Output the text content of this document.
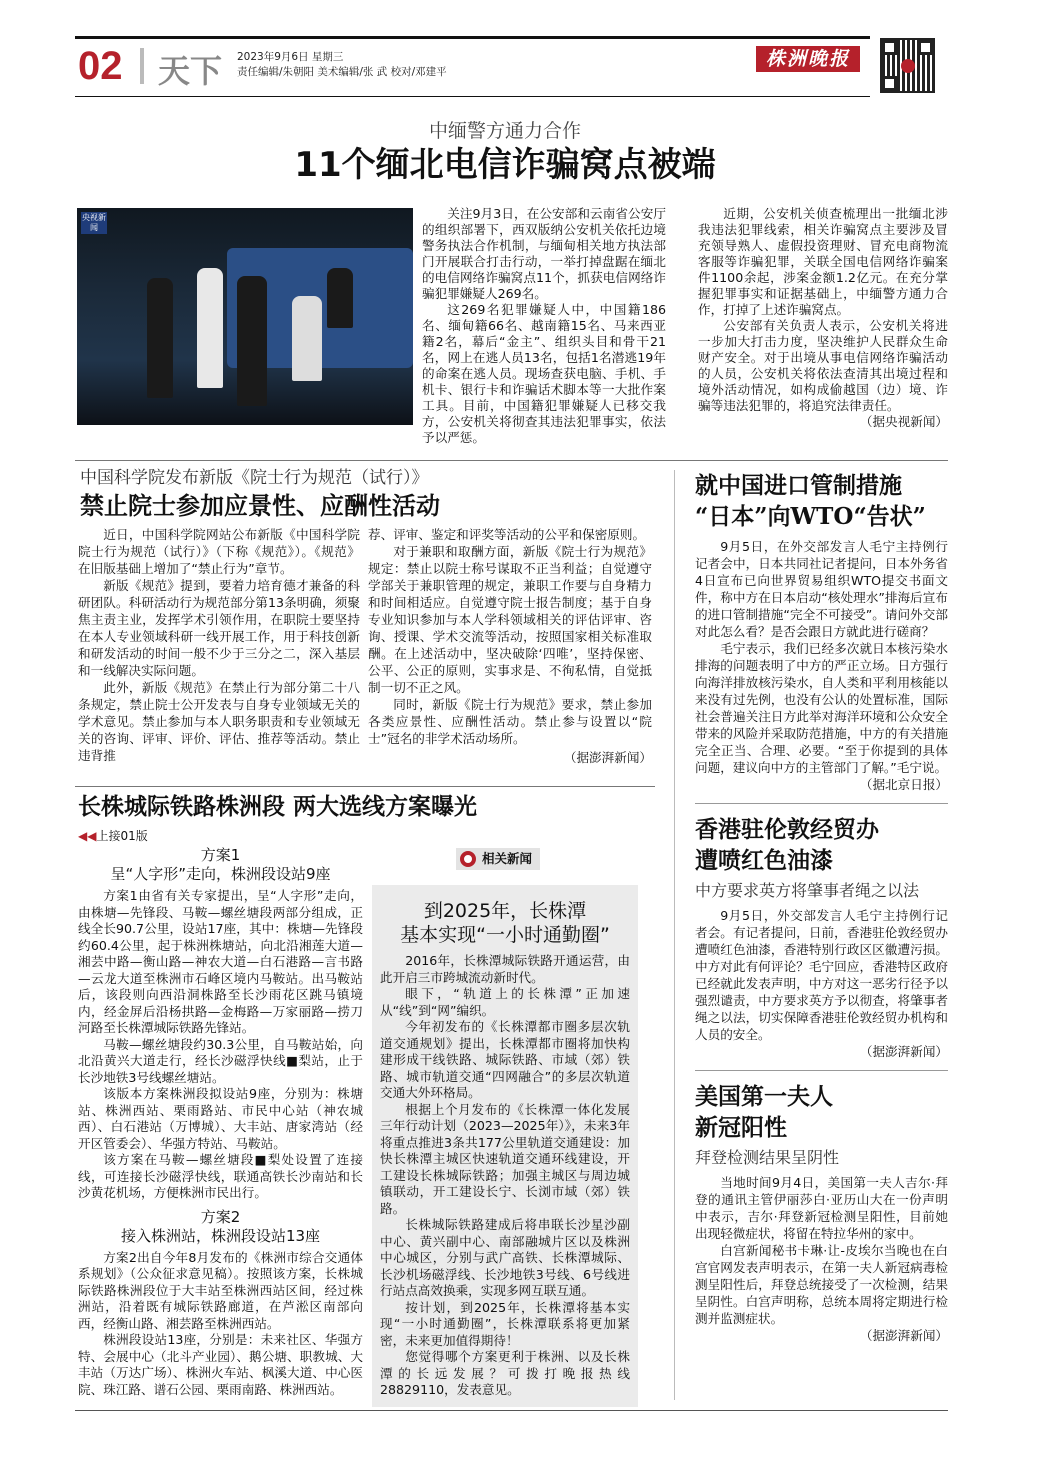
02 天下 2023年9月6日 星期三
责任编辑/朱朝阳 美术编辑/张 武 校对/邓建平
株洲晚报
中缅警方通力合作
11个缅北电信诈骗窝点被端
央视新闻

关注9月3日，在公安部和云南省公安厅的组织部署下，西双版纳公安机关依托边境警务执法合作机制，与缅甸相关地方执法部门开展联合打击行动，一举打掉盘踞在缅北的电信网络诈骗窝点11个，抓获电信网络诈骗犯罪嫌疑人269名。

这269名犯罪嫌疑人中，中国籍186名、缅甸籍66名、越南籍15名、马来西亚籍2名，幕后“金主”、组织头目和骨干21名，网上在逃人员13名，包括1名潜逃19年的命案在逃人员。现场查获电脑、手机、手机卡、银行卡和诈骗话术脚本等一大批作案工具。目前，中国籍犯罪嫌疑人已移交我方，公安机关将彻查其违法犯罪事实，依法予以严惩。

近期，公安机关侦查梳理出一批缅北涉我违法犯罪线索，相关诈骗窝点主要涉及冒充领导熟人、虚假投资理财、冒充电商物流客服等诈骗犯罪，关联全国电信网络诈骗案件1100余起，涉案金额1.2亿元。在充分掌握犯罪事实和证据基础上，中缅警方通力合作，打掉了上述诈骗窝点。

公安部有关负责人表示，公安机关将进一步加大打击力度，坚决维护人民群众生命财产安全。对于出境从事电信网络诈骗活动的人员，公安机关将依法查清其出境过程和境外活动情况，如构成偷越国（边）境、诈骗等违法犯罪的，将追究法律责任。

（据央视新闻）
中国科学院发布新版《院士行为规范（试行）》
禁止院士参加应景性、应酬性活动

近日，中国科学院网站公布新版《中国科学院院士行为规范（试行）》（下称《规范》）。《规范》在旧版基础上增加了“禁止行为”章节。

新版《规范》提到，要着力培育德才兼备的科研团队。科研活动行为规范部分第13条明确，须聚焦主责主业，发挥学术引领作用，在职院士要坚持在本人专业领域科研一线开展工作，用于科技创新和研发活动的时间一般不少于三分之二，深入基层和一线解决实际问题。

此外，新版《规范》在禁止行为部分第二十八条规定，禁止院士公开发表与自身专业领域无关的学术意见。禁止参加与本人职务职责和专业领域无关的咨询、评审、评价、评估、推荐等活动。禁止违背推

荐、评审、鉴定和评奖等活动的公平和保密原则。

对于兼职和取酬方面，新版《院士行为规范》规定：禁止以院士称号谋取不正当利益；自觉遵守学部关于兼职管理的规定，兼职工作要与自身精力和时间相适应。自觉遵守院士报告制度；基于自身专业知识参加与本人学科领域相关的评估评审、咨询、授课、学术交流等活动，按照国家相关标准取酬。在上述活动中，坚决破除‘四唯’，坚持保密、公平、公正的原则，实事求是、不徇私情，自觉抵制一切不正之风。

同时，新版《院士行为规范》要求，禁止参加各类应景性、应酬性活动。禁止参与设置以“院士”冠名的非学术活动场所。

（据澎湃新闻）
长株城际铁路株洲段 两大选线方案曝光
◀◀上接01版
方案1
呈“人字形”走向，株洲段设站9座

方案1由省有关专家提出，呈“人字形”走向，由株塘—先锋段、马鞍—螺丝塘段两部分组成，正线全长90.7公里，设站17座，其中：株塘—先锋段约60.4公里，起于株洲株塘站，向北沿湘莲大道—湘芸中路—衡山路—神农大道—白石港路—言书路—云龙大道至株洲市石峰区境内马鞍站。出马鞍站后，该段则向西沿洞株路至长沙雨花区跳马镇境内，经金屏后沿杨拱路—金梅路—万家丽路—捞刀河路至长株潭城际铁路先锋站。

马鞍—螺丝塘段约30.3公里，自马鞍站始，向北沿黄兴大道走行，经长沙磁浮快线■梨站，止于长沙地铁3号线螺丝塘站。

该版本方案株洲段拟设站9座，分别为：株塘站、株洲西站、栗雨路站、市民中心站（神农城西）、白石港站（万博城）、大丰站、唐家湾站（经开区管委会）、华强方特站、马鞍站。

该方案在马鞍—螺丝塘段■梨处设置了连接线，可连接长沙磁浮快线，联通高铁长沙南站和长沙黄花机场，方便株洲市民出行。

方案2
接入株洲站，株洲段设站13座

方案2出自今年8月发布的《株洲市综合交通体系规划》（公众征求意见稿）。按照该方案，长株城际铁路株洲段位于大丰站至株洲西站区间，经过株洲站，沿着既有城际铁路廊道，在芦淞区南部向西，经衡山路、湘芸路至株洲西站。

株洲段设站13座，分别是：未来社区、华强方特、会展中心（北斗产业园）、鹅公塘、职教城、大丰站（万达广场）、株洲火车站、枫溪大道、中心医院、珠江路、谱石公园、栗雨南路、株洲西站。

相关新闻
到2025年，长株潭
基本实现“一小时通勤圈”

2016年，长株潭城际铁路开通运营，由此开启三市跨城流动新时代。

眼下，“轨道上的长株潭”正加速从“线”到“网”编织。

今年初发布的《长株潭都市圈多层次轨道交通规划》提出，长株潭都市圈将加快构建形成干线铁路、城际铁路、市域（郊）铁路、城市轨道交通“四网融合”的多层次轨道交通大外环格局。

根据上个月发布的《长株潭一体化发展三年行动计划（2023—2025年）》，未来3年将重点推进3条共177公里轨道交通建设：加快长株潭主城区快速轨道交通环线建设，开工建设长株城际铁路；加强主城区与周边城镇联动，开工建设长宁、长浏市域（郊）铁路。

长株城际铁路建成后将串联长沙星沙副中心、黄兴副中心、南部融城片区以及株洲中心城区，分别与武广高铁、长株潭城际、长沙机场磁浮线、长沙地铁3号线、6号线进行站点高效换乘，实现多网互联互通。

按计划，到2025年，长株潭将基本实现“一小时通勤圈”，长株潭联系将更加紧密，未来更加值得期待！

您觉得哪个方案更利于株洲、以及长株潭的长远发展？可拨打晚报热线28829110，发表意见。

就中国进口管制措施
“日本”向WTO“告状”

9月5日，在外交部发言人毛宁主持例行记者会中，日本共同社记者提问，日本外务省4日宣布已向世界贸易组织WTO提交书面文件，称中方在日本启动“核处理水”排海后宣布的进口管制措施“完全不可接受”。请问外交部对此怎么看？是否会跟日方就此进行磋商？

毛宁表示，我们已经多次就日本核污染水排海的问题表明了中方的严正立场。日方强行向海洋排放核污染水，自人类和平利用核能以来没有过先例，也没有公认的处置标准，国际社会普遍关注日方此举对海洋环境和公众安全带来的风险并采取防范措施，中方的有关措施完全正当、合理、必要。“至于你提到的具体问题，建议向中方的主管部门了解。”毛宁说。

（据北京日报）
香港驻伦敦经贸办
遭喷红色油漆
中方要求英方将肇事者绳之以法

9月5日，外交部发言人毛宁主持例行记者会。有记者提问，日前，香港驻伦敦经贸办遭喷红色油漆，香港特别行政区区徽遭污损。中方对此有何评论？毛宁回应，香港特区政府已经就此发表声明，中方对这一恶劣行径予以强烈谴责，中方要求英方予以彻查，将肇事者绳之以法，切实保障香港驻伦敦经贸办机构和人员的安全。

（据澎湃新闻）
美国第一夫人
新冠阳性
拜登检测结果呈阴性

当地时间9月4日，美国第一夫人吉尔·拜登的通讯主管伊丽莎白·亚历山大在一份声明中表示，吉尔·拜登新冠检测呈阳性，目前她出现轻微症状，将留在特拉华州的家中。

白宫新闻秘书卡琳·让-皮埃尔当晚也在白宫官网发表声明表示，在第一夫人新冠病毒检测呈阳性后，拜登总统接受了一次检测，结果呈阴性。白宫声明称，总统本周将定期进行检测并监测症状。

（据澎湃新闻）
